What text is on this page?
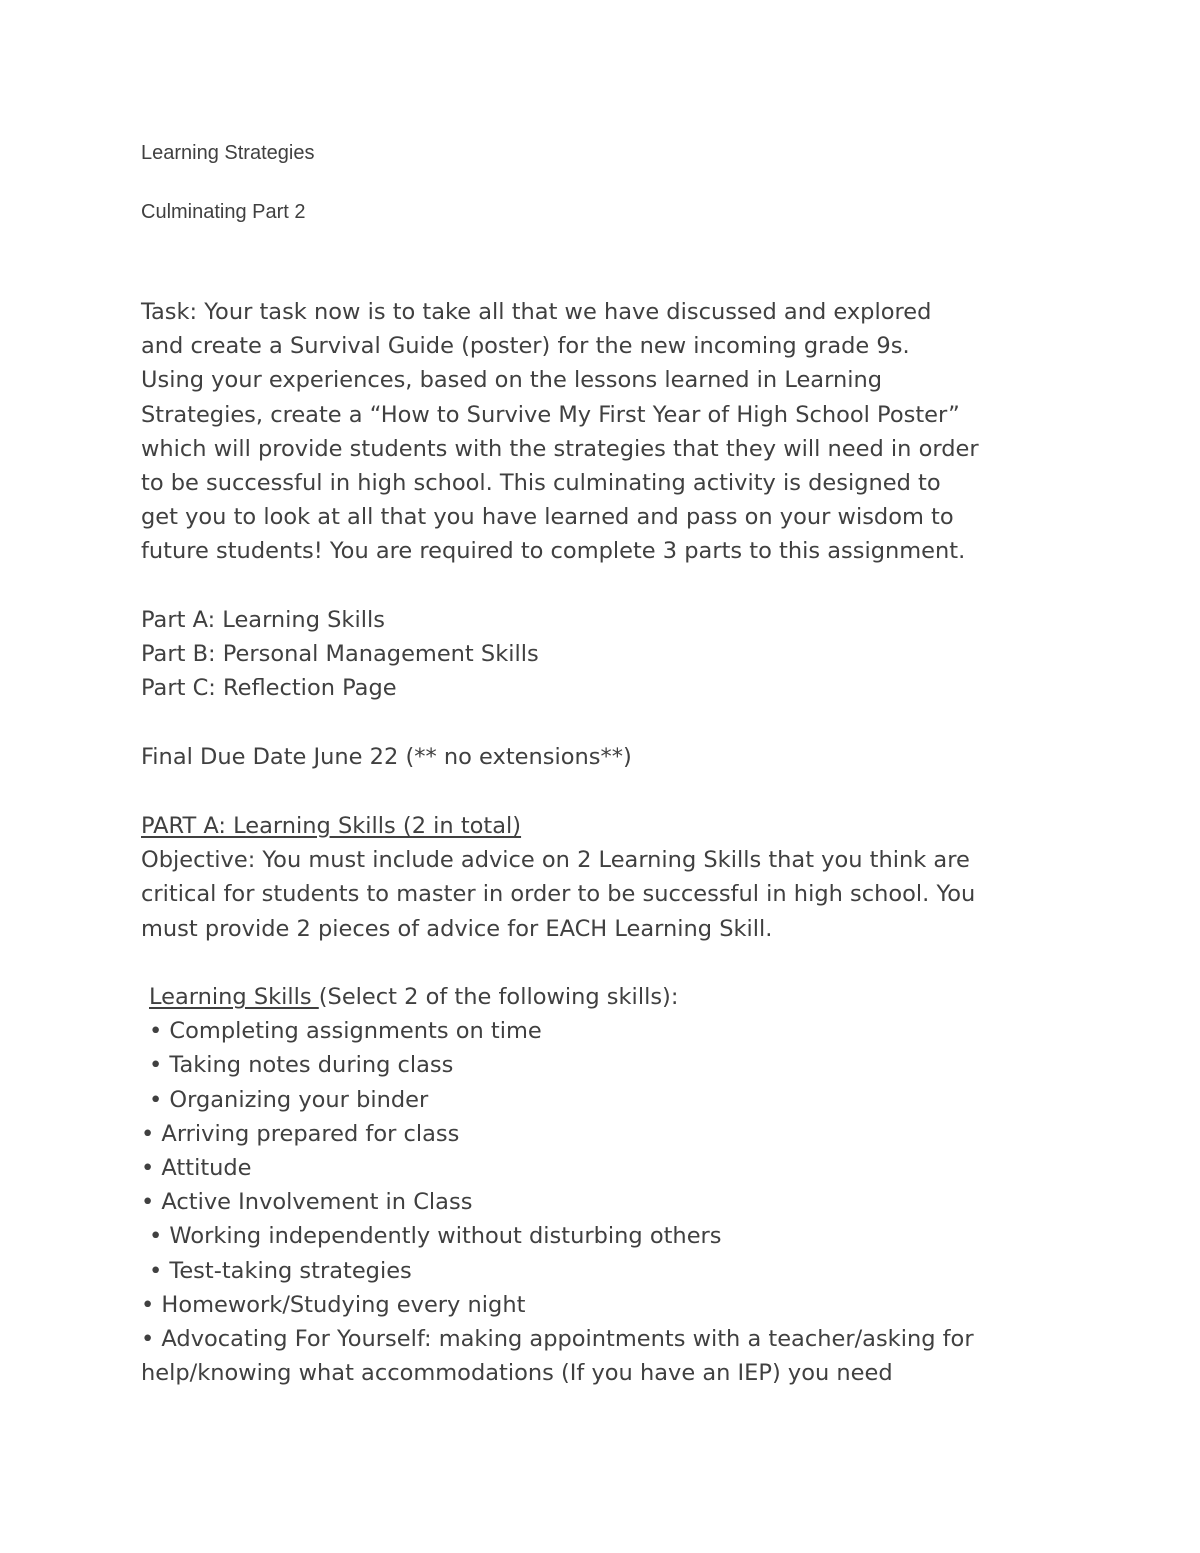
Learning Strategies
Culminating Part 2
Task: Your task now is to take all that we have discussed and explored
and create a Survival Guide (poster) for the new incoming grade 9s.
Using your experiences, based on the lessons learned in Learning
Strategies, create a “How to Survive My First Year of High School Poster”
which will provide students with the strategies that they will need in order
to be successful in high school. This culminating activity is designed to
get you to look at all that you have learned and pass on your wisdom to
future students! You are required to complete 3 parts to this assignment.
Part A: Learning Skills
Part B: Personal Management Skills
Part C: Reflection Page
Final Due Date June 22 (** no extensions**)
PART A: Learning Skills (2 in total)
Objective: You must include advice on 2 Learning Skills that you think are
critical for students to master in order to be successful in high school. You
must provide 2 pieces of advice for EACH Learning Skill.
Learning Skills (Select 2 of the following skills):
• Completing assignments on time
• Taking notes during class
• Organizing your binder
• Arriving prepared for class
• Attitude
• Active Involvement in Class
• Working independently without disturbing others
• Test-taking strategies
• Homework/Studying every night
• Advocating For Yourself: making appointments with a teacher/asking for
help/knowing what accommodations (If you have an IEP) you need
